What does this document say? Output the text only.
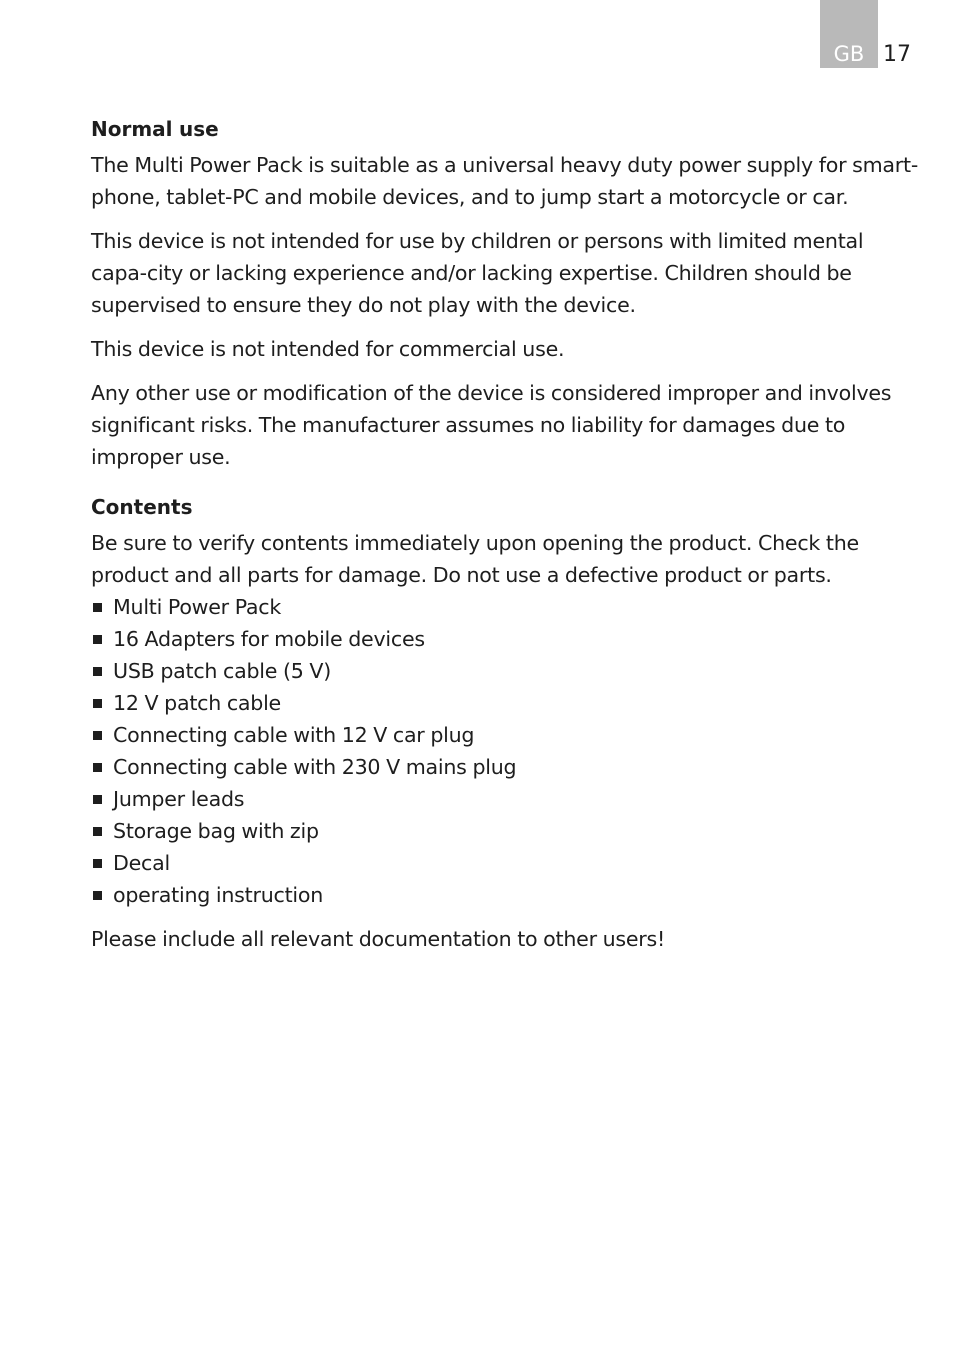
GB 17
Normal use

The Multi Power Pack is suitable as a universal heavy duty power supply for smart-phone, tablet-PC and mobile devices, and to jump start a motorcycle or car.

This device is not intended for use by children or persons with limited mental capa-city or lacking experience and/or lacking expertise. Children should be supervised to ensure they do not play with the device.

This device is not intended for commercial use.

Any other use or modification of the device is considered improper and involves significant risks. The manufacturer assumes no liability for damages due to improper use.

Contents

Be sure to verify contents immediately upon opening the product. Check the product and all parts for damage. Do not use a defective product or parts.

Multi Power Pack
16 Adapters for mobile devices
USB patch cable (5 V)
12 V patch cable
Connecting cable with 12 V car plug
Connecting cable with 230 V mains plug
Jumper leads
Storage bag with zip
Decal
operating instruction

Please include all relevant documentation to other users!
